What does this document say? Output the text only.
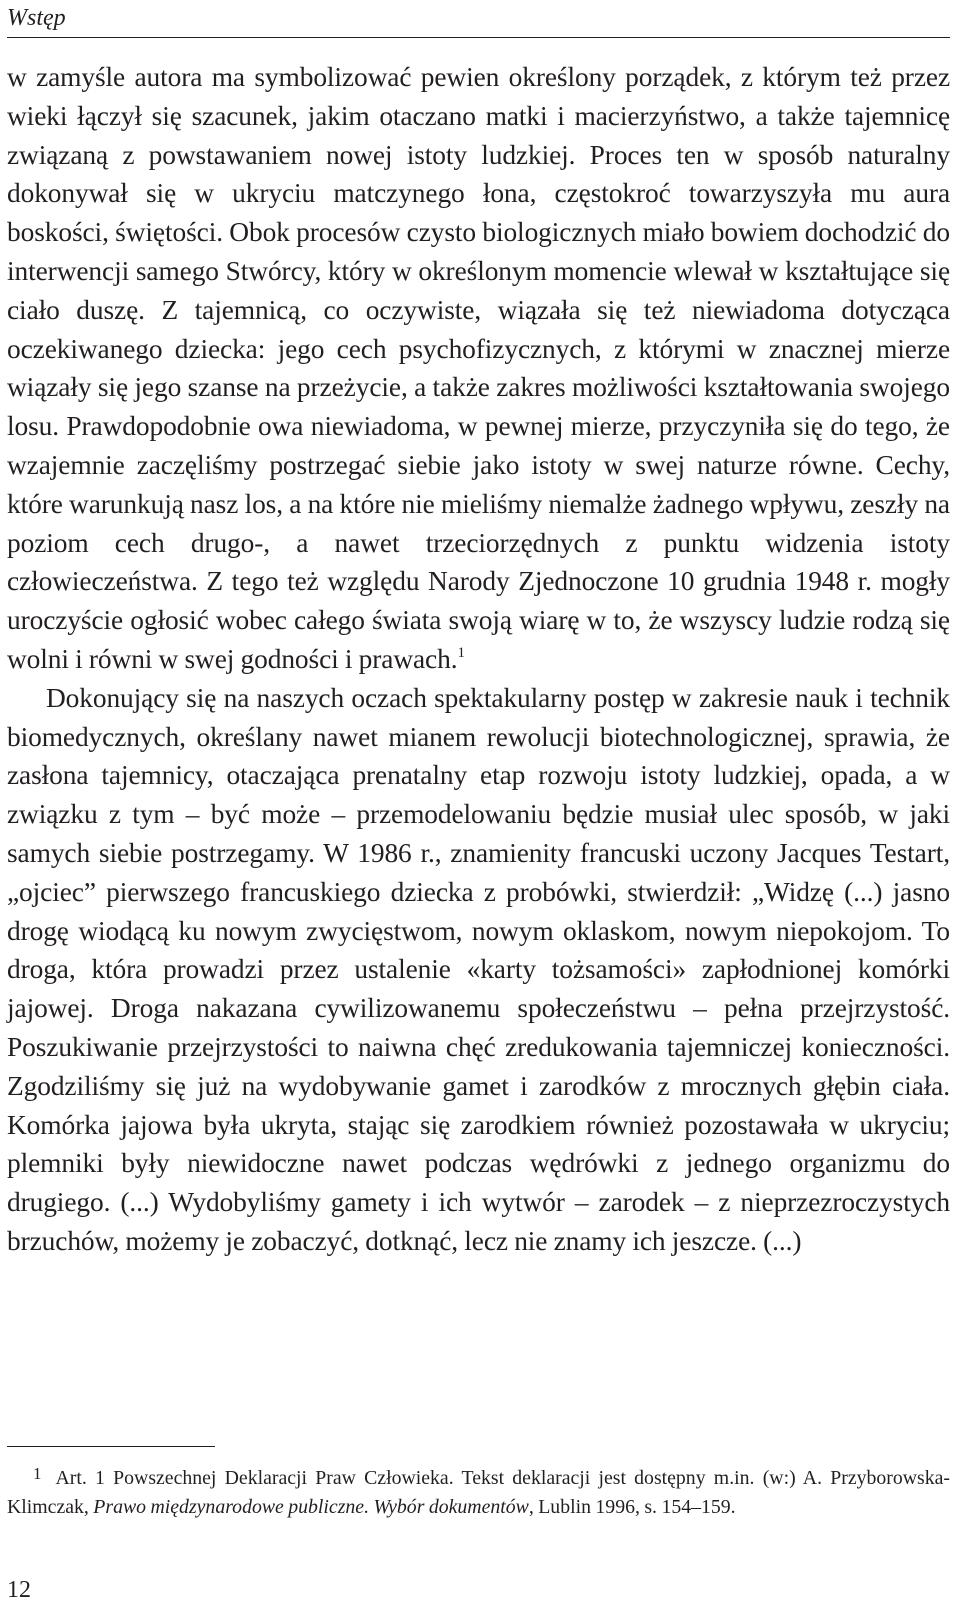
Wstęp

w zamyśle autora ma symbolizować pewien określony porządek, z którym też przez wieki łączył się szacunek, jakim otaczano matki i macierzyństwo, a także tajemnicę związaną z powstawaniem nowej istoty ludzkiej. Proces ten w sposób naturalny dokonywał się w ukryciu matczynego łona, częstokroć towarzyszyła mu aura boskości, świętości. Obok procesów czysto biologicznych miało bowiem dochodzić do interwencji samego Stwórcy, który w określonym momencie wlewał w kształtujące się ciało duszę. Z tajemnicą, co oczywiste, wiązała się też niewiadoma dotycząca oczekiwanego dziecka: jego cech psychofizycznych, z którymi w znacznej mierze wiązały się jego szanse na przeżycie, a także zakres możliwości kształtowania swojego losu. Prawdopodobnie owa niewiadoma, w pewnej mierze, przyczyniła się do tego, że wzajemnie zaczęliśmy postrzegać siebie jako istoty w swej naturze równe. Cechy, które warunkują nasz los, a na które nie mieliśmy niemalże żadnego wpływu, zeszły na poziom cech drugo-, a nawet trzeciorzędnych z punktu widzenia istoty człowieczeństwa. Z tego też względu Narody Zjednoczone 10 grudnia 1948 r. mogły uroczyście ogłosić wobec całego świata swoją wiarę w to, że wszyscy ludzie rodzą się wolni i równi w swej godności i prawach.$^1$

Dokonujący się na naszych oczach spektakularny postęp w zakresie nauk i technik biomedycznych, określany nawet mianem rewolucji biotechnologicznej, sprawia, że zasłona tajemnicy, otaczająca prenatalny etap rozwoju istoty ludzkiej, opada, a w związku z tym – być może – przemodelowaniu będzie musiał ulec sposób, w jaki samych siebie postrzegamy. W 1986 r., znamienity francuski uczony Jacques Testart, „ojciec” pierwszego francuskiego dziecka z probówki, stwierdził: „Widzę (...) jasno drogę wiodącą ku nowym zwycięstwom, nowym oklaskom, nowym niepokojom. To droga, która prowadzi przez ustalenie «karty tożsamości» zapłodnionej komórki jajowej. Droga nakazana cywilizowanemu społeczeństwu – pełna przejrzystość. Poszukiwanie przejrzystości to naiwna chęć zredukowania tajemniczej konieczności. Zgodziliśmy się już na wydobywanie gamet i zarodków z mrocznych głębin ciała. Komórka jajowa była ukryta, stając się zarodkiem również pozostawała w ukryciu; plemniki były niewidoczne nawet podczas wędrówki z jednego organizmu do drugiego. (...) Wydobyliśmy gamety i ich wytwór – zarodek – z nieprzezroczystych brzuchów, możemy je zobaczyć, dotknąć, lecz nie znamy ich jeszcze. (...)

1 Art. 1 Powszechnej Deklaracji Praw Człowieka. Tekst deklaracji jest dostępny m.in. (w:) A. Przyborowska-Klimczak, Prawo międzynarodowe publiczne. Wybór dokumentów, Lublin 1996, s. 154–159.

12
